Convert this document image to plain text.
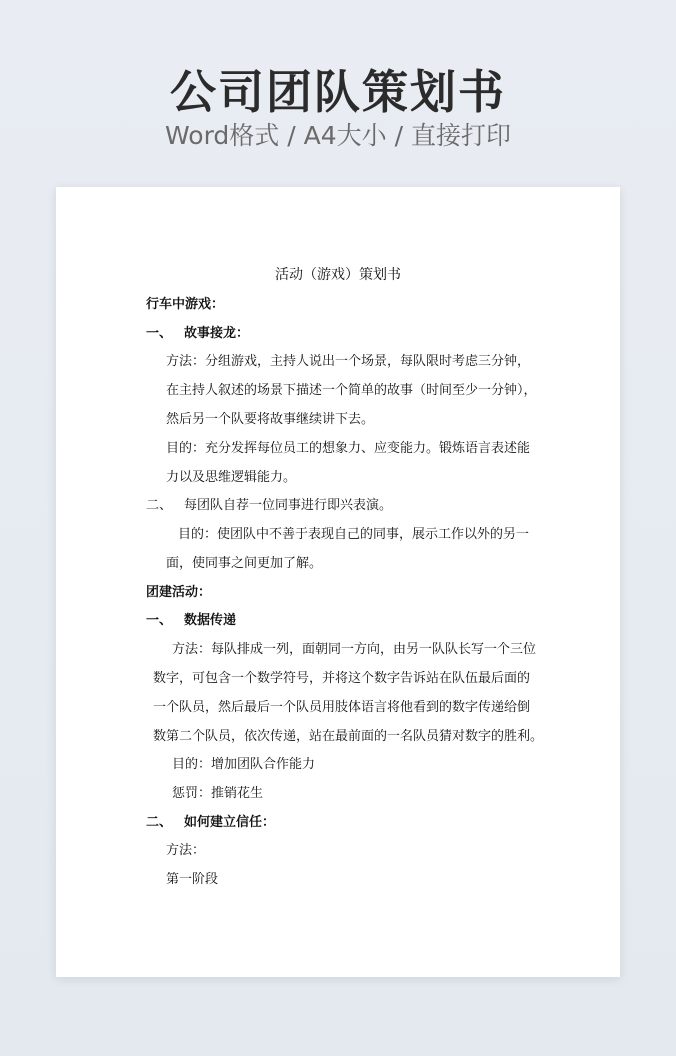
公司团队策划书
Word格式 / A4大小 / 直接打印
活动（游戏）策划书
行车中游戏：
一、 故事接龙：
方法：分组游戏，主持人说出一个场景，每队限时考虑三分钟，
在主持人叙述的场景下描述一个简单的故事（时间至少一分钟），
然后另一个队要将故事继续讲下去。
目的：充分发挥每位员工的想象力、应变能力。锻炼语言表述能
力以及思维逻辑能力。
二、 每团队自荐一位同事进行即兴表演。
目的：使团队中不善于表现自己的同事，展示工作以外的另一
面，使同事之间更加了解。
团建活动：
一、 数据传递
方法：每队排成一列，面朝同一方向，由另一队队长写一个三位
数字，可包含一个数学符号，并将这个数字告诉站在队伍最后面的
一个队员，然后最后一个队员用肢体语言将他看到的数字传递给倒
数第二个队员，依次传递，站在最前面的一名队员猜对数字的胜利。
目的：增加团队合作能力
惩罚：推销花生
二、 如何建立信任：
方法：
第一阶段
